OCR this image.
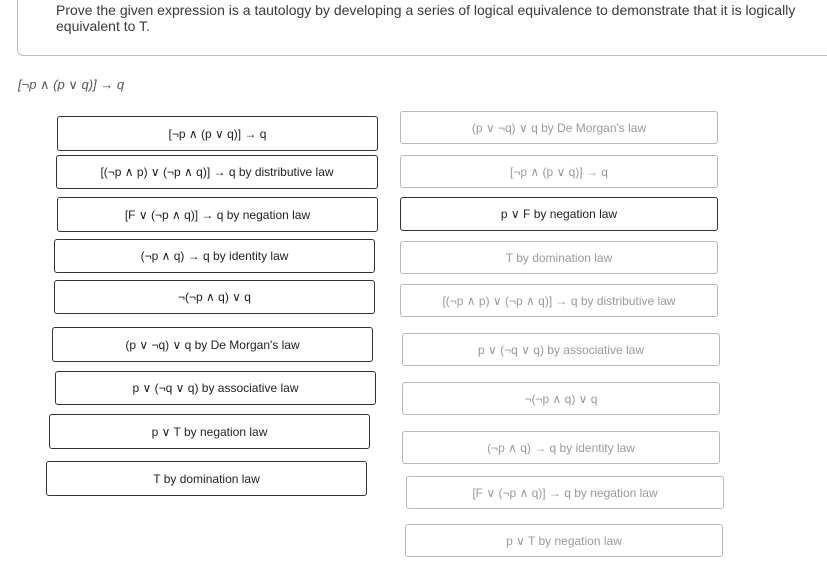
Prove the given expression is a tautology by developing a series of logical equivalence to demonstrate that it is logically equivalent to T.
[¬p ∧ (p ∨ q)] → q
[¬p ∧ (p ∨ q)] → q
[(¬p ∧ p) ∨ (¬p ∧ q)] → q by distributive law
[F ∨ (¬p ∧ q)] → q by negation law
(¬p ∧ q) → q by identity law
¬(¬p ∧ q) ∨ q
(p ∨ ¬q) ∨ q by De Morgan's law
p ∨ (¬q ∨ q) by associative law
p ∨ T by negation law
T by domination law
(p ∨ ¬q) ∨ q by De Morgan's law
[¬p ∧ (p ∨ q)] → q
p ∨ F by negation law
T by domination law
[(¬p ∧ p) ∨ (¬p ∧ q)] → q by distributive law
p ∨ (¬q ∨ q) by associative law
¬(¬p ∧ q) ∨ q
(¬p ∧ q) → q by identity law
[F ∨ (¬p ∧ q)] → q by negation law
p ∨ T by negation law
